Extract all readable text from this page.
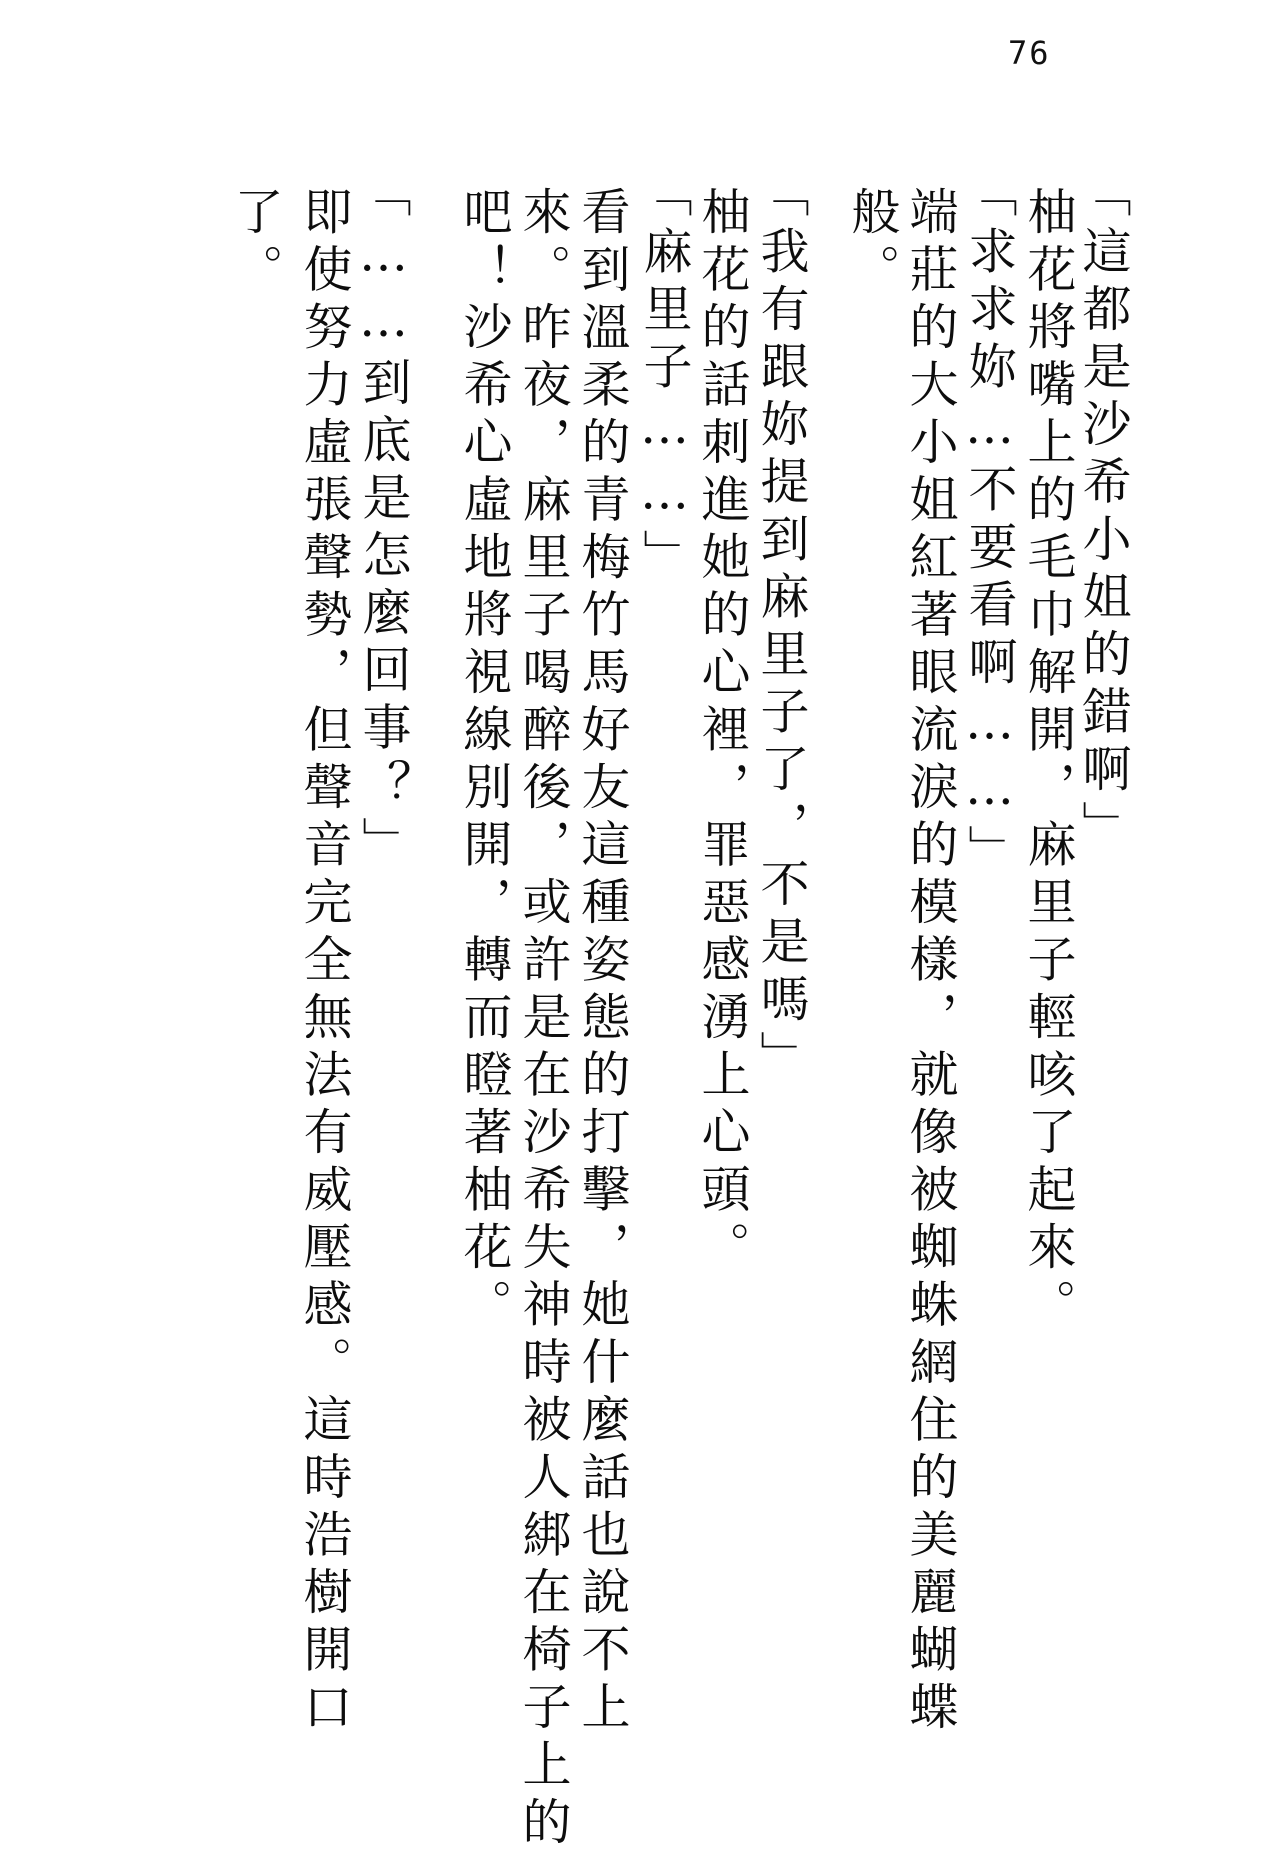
76
「這都是沙希小姐的錯啊」
柚花將嘴上的毛巾解開，麻里子輕咳了起來。
「求求妳…不要看啊……」
端莊的大小姐紅著眼流淚的模樣，就像被蜘蛛網住的美麗蝴蝶
般。
「我有跟妳提到麻里子了，不是嗎」
柚花的話刺進她的心裡，罪惡感湧上心頭。
「麻里子……」
看到溫柔的青梅竹馬好友這種姿態的打擊，她什麼話也說不上
來。昨夜，麻里子喝醉後，或許是在沙希失神時被人綁在椅子上的
吧！沙希心虛地將視線別開，轉而瞪著柚花。
「……到底是怎麼回事？」
即使努力虛張聲勢，但聲音完全無法有威壓感。這時浩樹開口
了。
